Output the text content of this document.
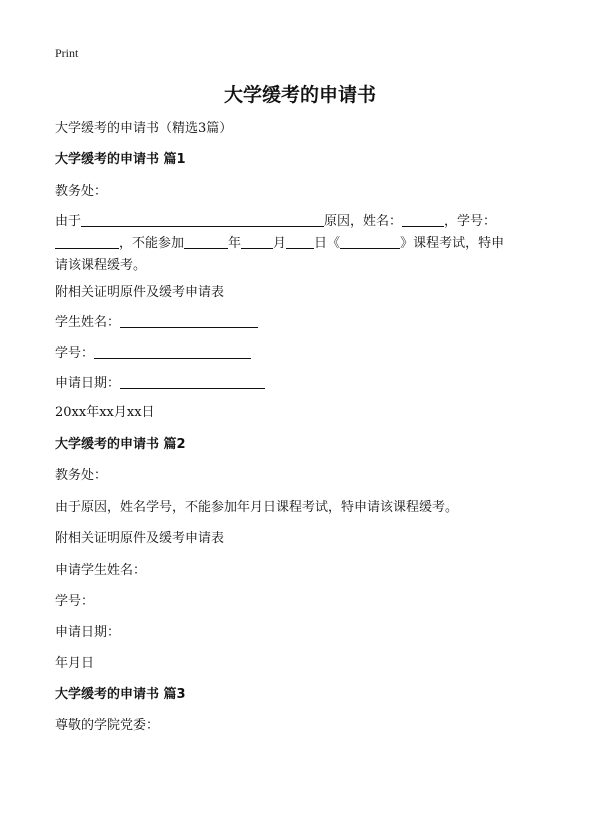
Print
大学缓考的申请书
大学缓考的申请书（精选3篇）
大学缓考的申请书 篇1
教务处：
由于	原因，姓名：	，学号：
，不能参加	年 月 日《	》课程考试，特申
请该课程缓考。
附相关证明原件及缓考申请表
学生姓名：
学号：
申请日期：
20xx年xx月xx日
大学缓考的申请书 篇2
教务处：
由于原因，姓名学号，不能参加年月日课程考试，特申请该课程缓考。
附相关证明原件及缓考申请表
申请学生姓名：
学号：
申请日期：
年月日
大学缓考的申请书 篇3
尊敬的学院党委：
